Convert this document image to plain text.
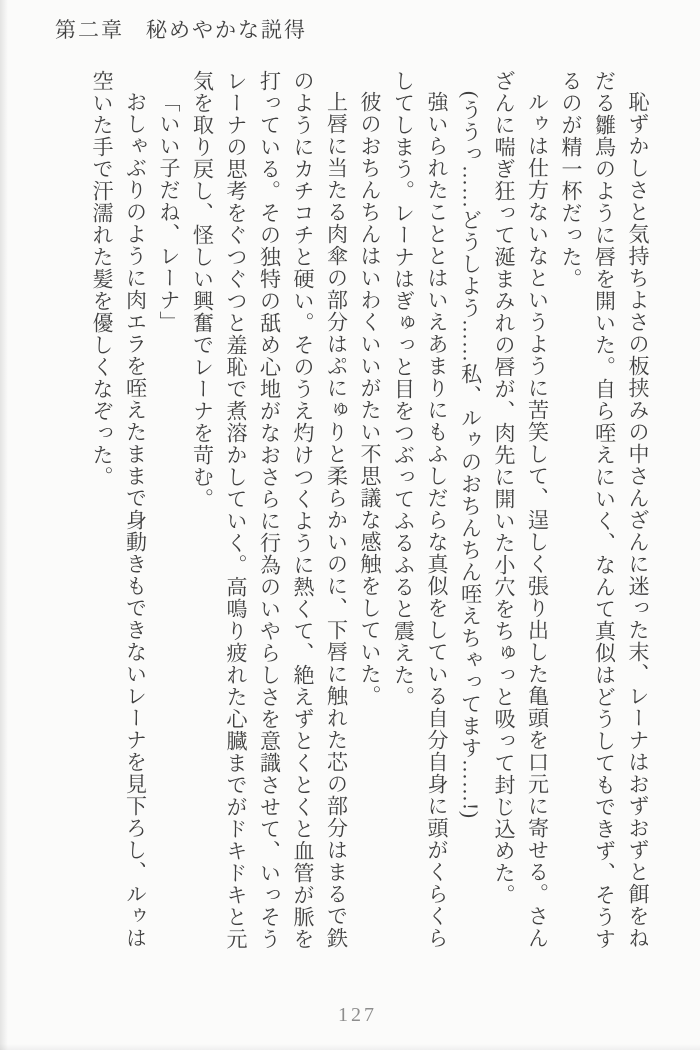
第二章 秘めやかな説得

恥ずかしさと気持ちよさの板挟みの中さんざんに迷った末、レーナはおずおずと餌をねだる雛鳥のように唇を開いた。自ら咥えにいく、なんて真似はどうしてもできず、そうするのが精一杯だった。

ルゥは仕方ないなというように苦笑して、逞しく張り出した亀頭を口元に寄せる。さんざんに喘ぎ狂って涎まみれの唇が、肉先に開いた小穴をちゅっと吸って封じ込めた。

(ううっ……どうしよう……私、ルゥのおちんちん咥えちゃってます……!)

強いられたこととはいえあまりにもふしだらな真似をしている自分自身に頭がくらくらしてしまう。レーナはぎゅっと目をつぶってふるふると震えた。

彼のおちんちんはいわくいいがたい不思議な感触をしていた。

上唇に当たる肉傘の部分はぷにゅりと柔らかいのに、下唇に触れた芯の部分はまるで鉄のようにカチコチと硬い。そのうえ灼けつくように熱くて、絶えずとくとくと血管が脈を打っている。その独特の舐め心地がなおさらに行為のいやらしさを意識させて、いっそうレーナの思考をぐつぐつと羞恥で煮溶かしていく。高鳴り疲れた心臓までがドキドキと元気を取り戻し、怪しい興奮でレーナを苛む。

「いい子だね、レーナ」

おしゃぶりのように肉エラを咥えたままで身動きもできないレーナを見下ろし、ルゥは空いた手で汗濡れた髪を優しくなぞった。

127
